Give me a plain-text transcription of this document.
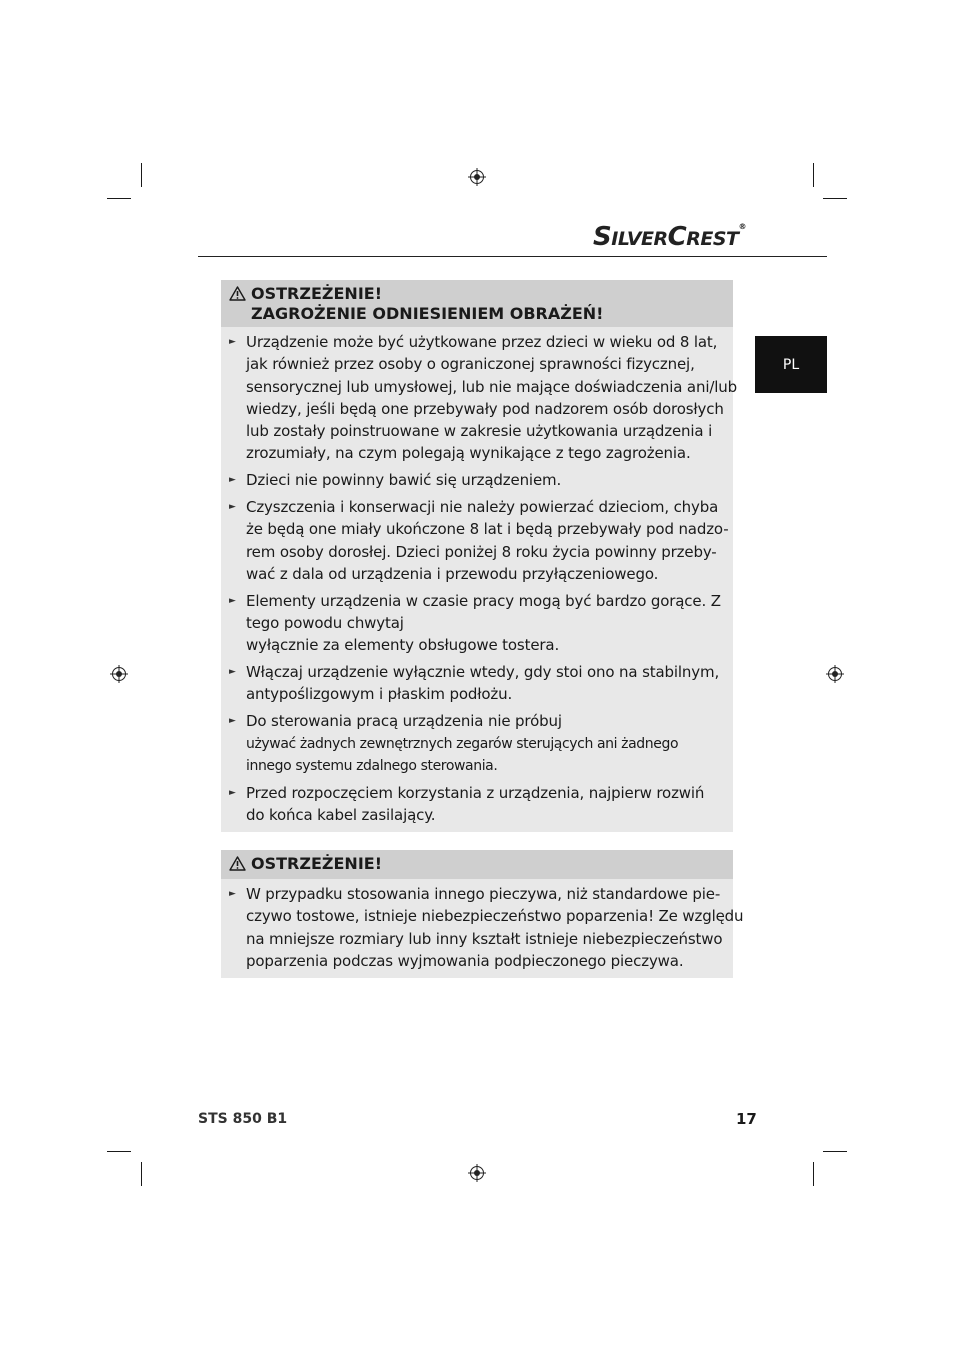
SILVERCREST®
PL
OSTRZEŻENIE!
ZAGROŻENIE ODNIESIENIEM OBRAŻEŃ!
► Urządzenie może być użytkowane przez dzieci w wieku od 8 lat,
jak również przez osoby o ograniczonej sprawności fizycznej,
sensorycznej lub umysłowej, lub nie mające doświadczenia ani/lub
wiedzy, jeśli będą one przebywały pod nadzorem osób dorosłych
lub zostały poinstruowane w zakresie użytkowania urządzenia i
zrozumiały, na czym polegają wynikające z tego zagrożenia.
► Dzieci nie powinny bawić się urządzeniem.
► Czyszczenia i konserwacji nie należy powierzać dzieciom, chyba
że będą one miały ukończone 8 lat i będą przebywały pod nadzo-
rem osoby dorosłej. Dzieci poniżej 8 roku życia powinny przeby-
wać z dala od urządzenia i przewodu przyłączeniowego.
► Elementy urządzenia w czasie pracy mogą być bardzo gorące. Z
tego powodu chwytaj
wyłącznie za elementy obsługowe tostera.
► Włączaj urządzenie wyłącznie wtedy, gdy stoi ono na stabilnym,
antypoślizgowym i płaskim podłożu.
► Do sterowania pracą urządzenia nie próbuj
używać żadnych zewnętrznych zegarów sterujących ani żadnego
innego systemu zdalnego sterowania.
► Przed rozpoczęciem korzystania z urządzenia, najpierw rozwiń
do końca kabel zasilający.
OSTRZEŻENIE!
► W przypadku stosowania innego pieczywa, niż standardowe pie-
czywo tostowe, istnieje niebezpieczeństwo poparzenia! Ze względu
na mniejsze rozmiary lub inny kształt istnieje niebezpieczeństwo
poparzenia podczas wyjmowania podpieczonego pieczywa.
STS 850 B1	17
